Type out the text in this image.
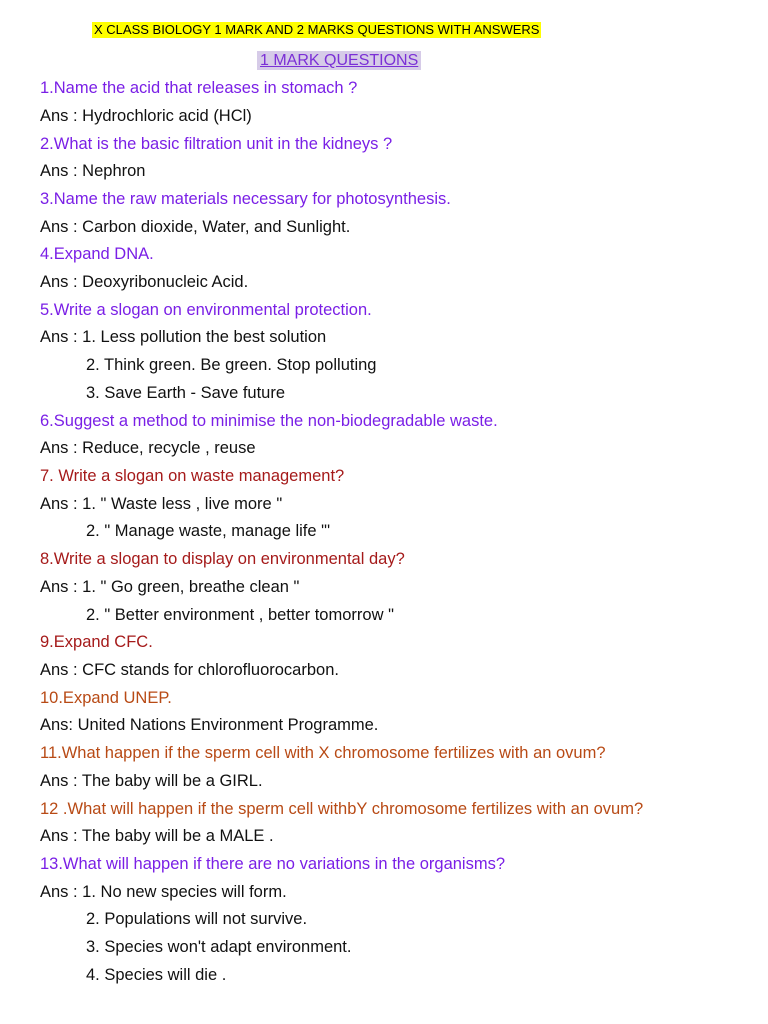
X CLASS BIOLOGY 1 MARK AND 2 MARKS QUESTIONS WITH ANSWERS
1 MARK QUESTIONS
1.Name the acid that releases in stomach ?
Ans : Hydrochloric acid (HCl)
2.What is the basic filtration unit in the kidneys ?
Ans : Nephron
3.Name the raw materials necessary for photosynthesis.
Ans : Carbon dioxide, Water, and Sunlight.
4.Expand DNA.
Ans : Deoxyribonucleic Acid.
5.Write a slogan on environmental protection.
Ans : 1. Less pollution the best solution
2. Think green. Be green. Stop polluting
3. Save Earth - Save future
6.Suggest a method to minimise the non-biodegradable waste.
Ans : Reduce, recycle , reuse
7. Write a slogan on waste management?
Ans : 1. " Waste less , live more "
2. " Manage waste, manage life "'
8.Write a slogan to display on environmental day?
Ans : 1. " Go green, breathe clean "
2. " Better environment , better tomorrow "
9.Expand CFC.
Ans : CFC stands for chlorofluorocarbon.
10.Expand UNEP.
Ans: United Nations Environment Programme.
11.What happen if the sperm cell with X chromosome fertilizes with an ovum?
Ans : The baby will be a GIRL.
12 .What will happen if the sperm cell withbY chromosome fertilizes with an ovum?
Ans : The baby will be a MALE .
13.What will happen if there are no variations in the organisms?
Ans : 1. No new species will form.
2. Populations will not survive.
3. Species won't adapt environment.
4. Species will die .
